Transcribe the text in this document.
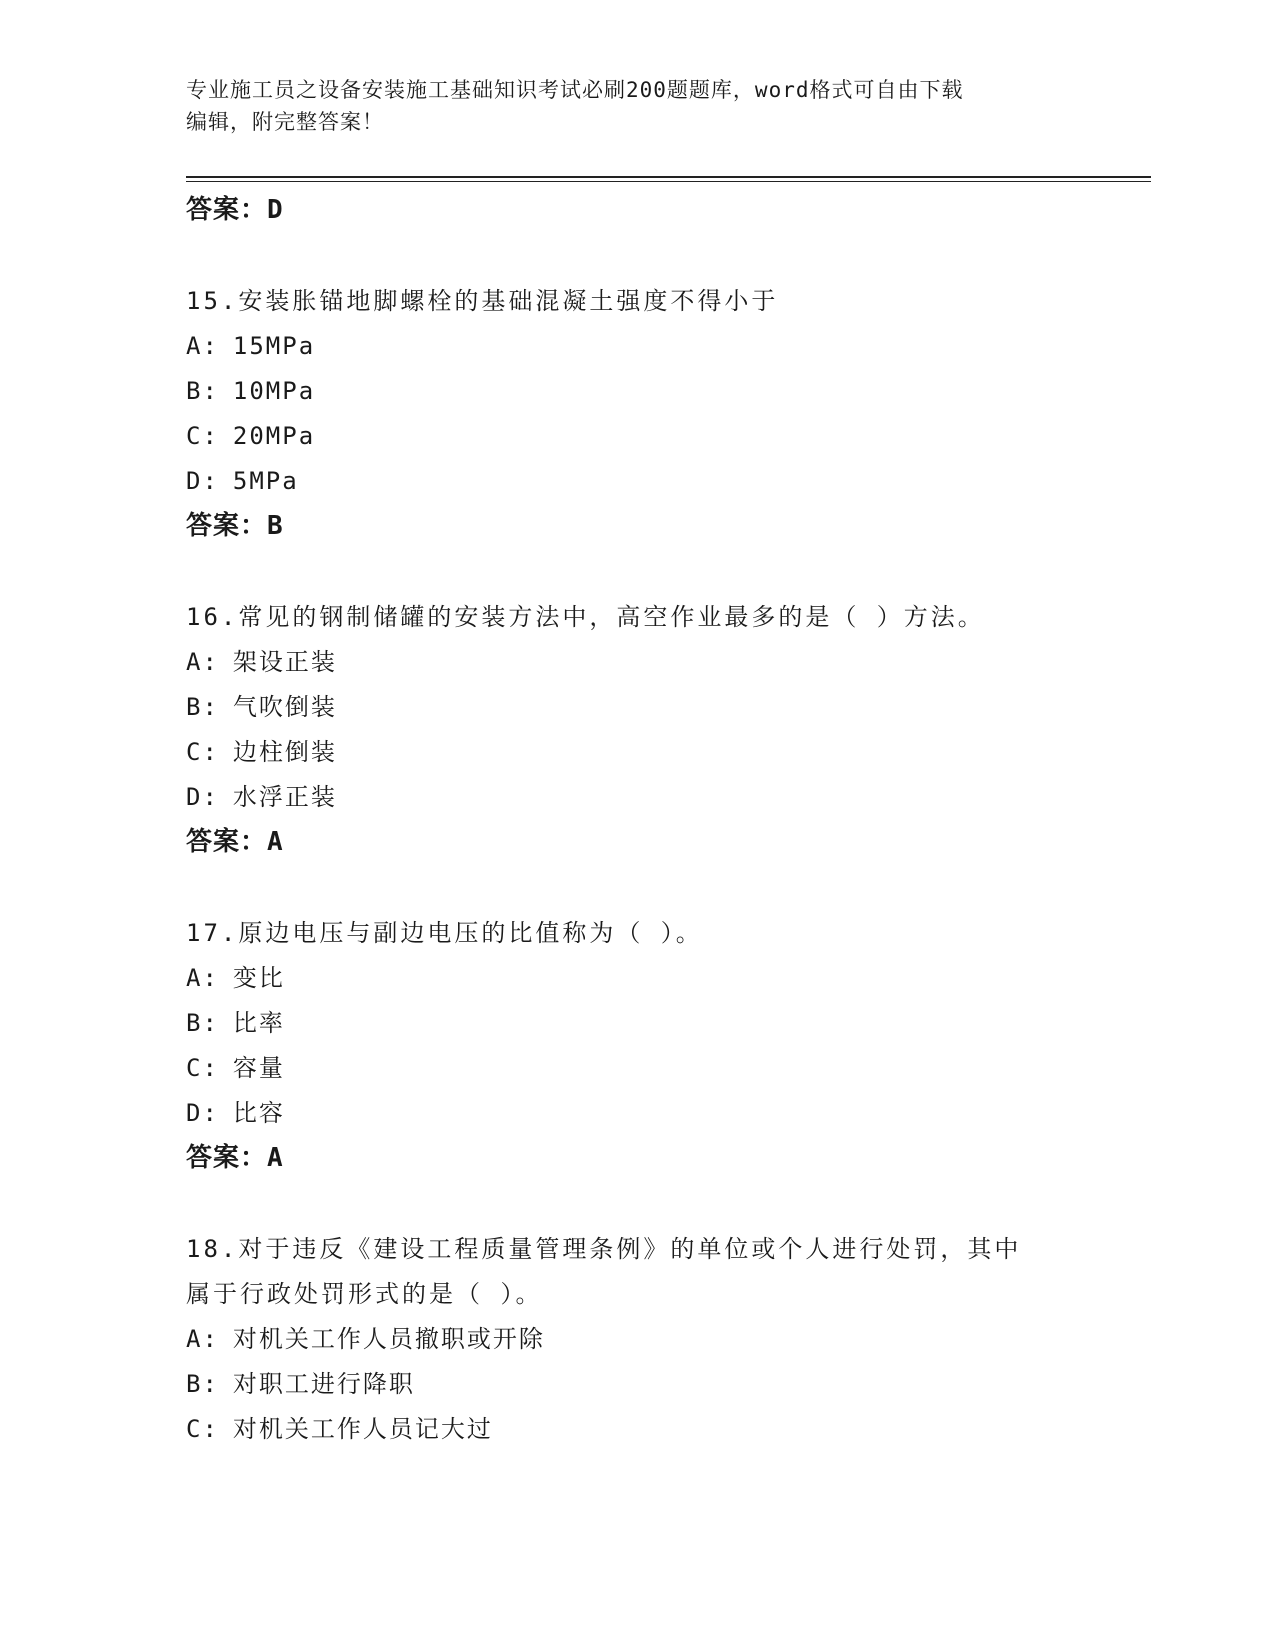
专业施工员之设备安装施工基础知识考试必刷200题题库，word格式可自由下载
编辑，附完整答案！
答案：D
15.安装胀锚地脚螺栓的基础混凝土强度不得小于
A: 15MPa
B: 10MPa
C: 20MPa
D: 5MPa
答案：B
16.常见的钢制储罐的安装方法中，高空作业最多的是（ ）方法。
A: 架设正装
B: 气吹倒装
C: 边柱倒装
D: 水浮正装
答案：A
17.原边电压与副边电压的比值称为（ ）。
A: 变比
B: 比率
C: 容量
D: 比容
答案：A
18.对于违反《建设工程质量管理条例》的单位或个人进行处罚，其中
属于行政处罚形式的是（ ）。
A: 对机关工作人员撤职或开除
B: 对职工进行降职
C: 对机关工作人员记大过
